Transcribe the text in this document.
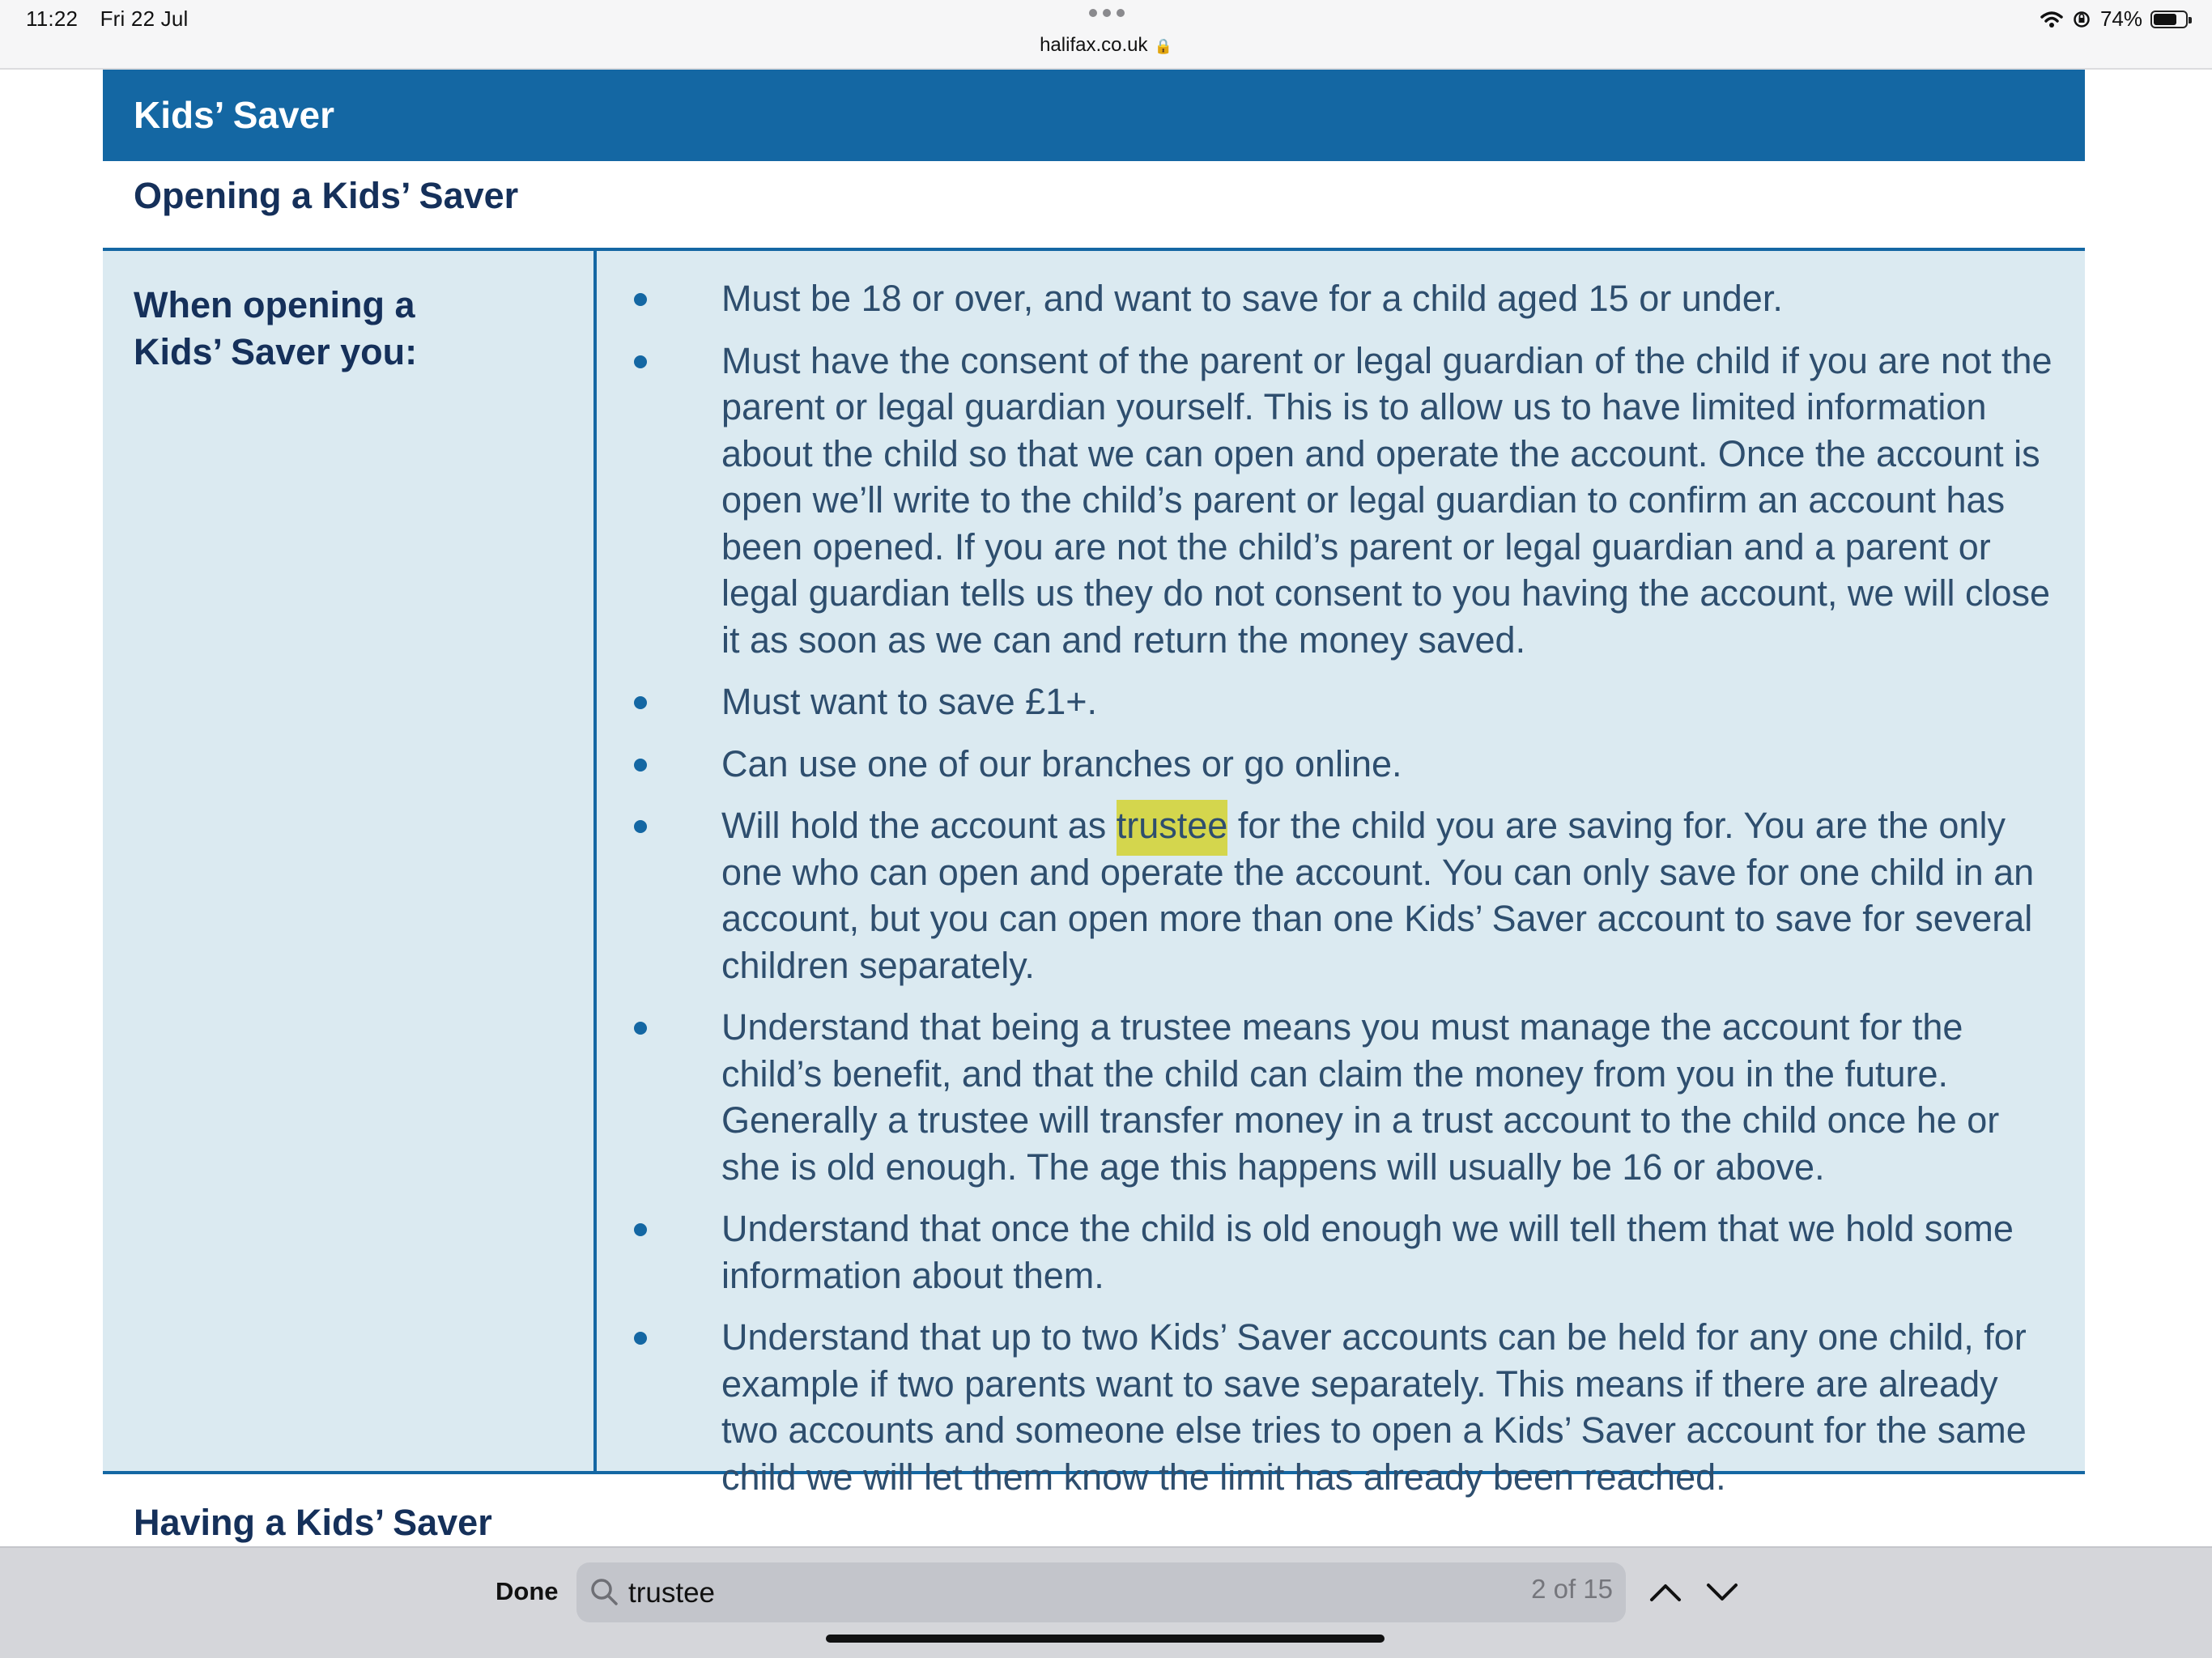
11:22 Fri 22 Jul
halifax.co.uk 🔒
74%
Kids’ Saver
Opening a Kids’ Saver
When opening a Kids’ Saver you:
Must be 18 or over, and want to save for a child aged 15 or under.
Must have the consent of the parent or legal guardian of the child if you are not the parent or legal guardian yourself. This is to allow us to have limited information about the child so that we can open and operate the account. Once the account is open we’ll write to the child’s parent or legal guardian to confirm an account has been opened. If you are not the child’s parent or legal guardian and a parent or legal guardian tells us they do not consent to you having the account, we will close it as soon as we can and return the money saved.
Must want to save £1+.
Can use one of our branches or go online.
Will hold the account as trustee for the child you are saving for. You are the only one who can open and operate the account. You can only save for one child in an account, but you can open more than one Kids’ Saver account to save for several children separately.
Understand that being a trustee means you must manage the account for the child’s benefit, and that the child can claim the money from you in the future. Generally a trustee will transfer money in a trust account to the child once he or she is old enough. The age this happens will usually be 16 or above.
Understand that once the child is old enough we will tell them that we hold some information about them.
Understand that up to two Kids’ Saver accounts can be held for any one child, for example if two parents want to save separately. This means if there are already two accounts and someone else tries to open a Kids’ Saver account for the same child we will let them know the limit has already been reached.
Having a Kids’ Saver
Done
trustee	2 of 15
